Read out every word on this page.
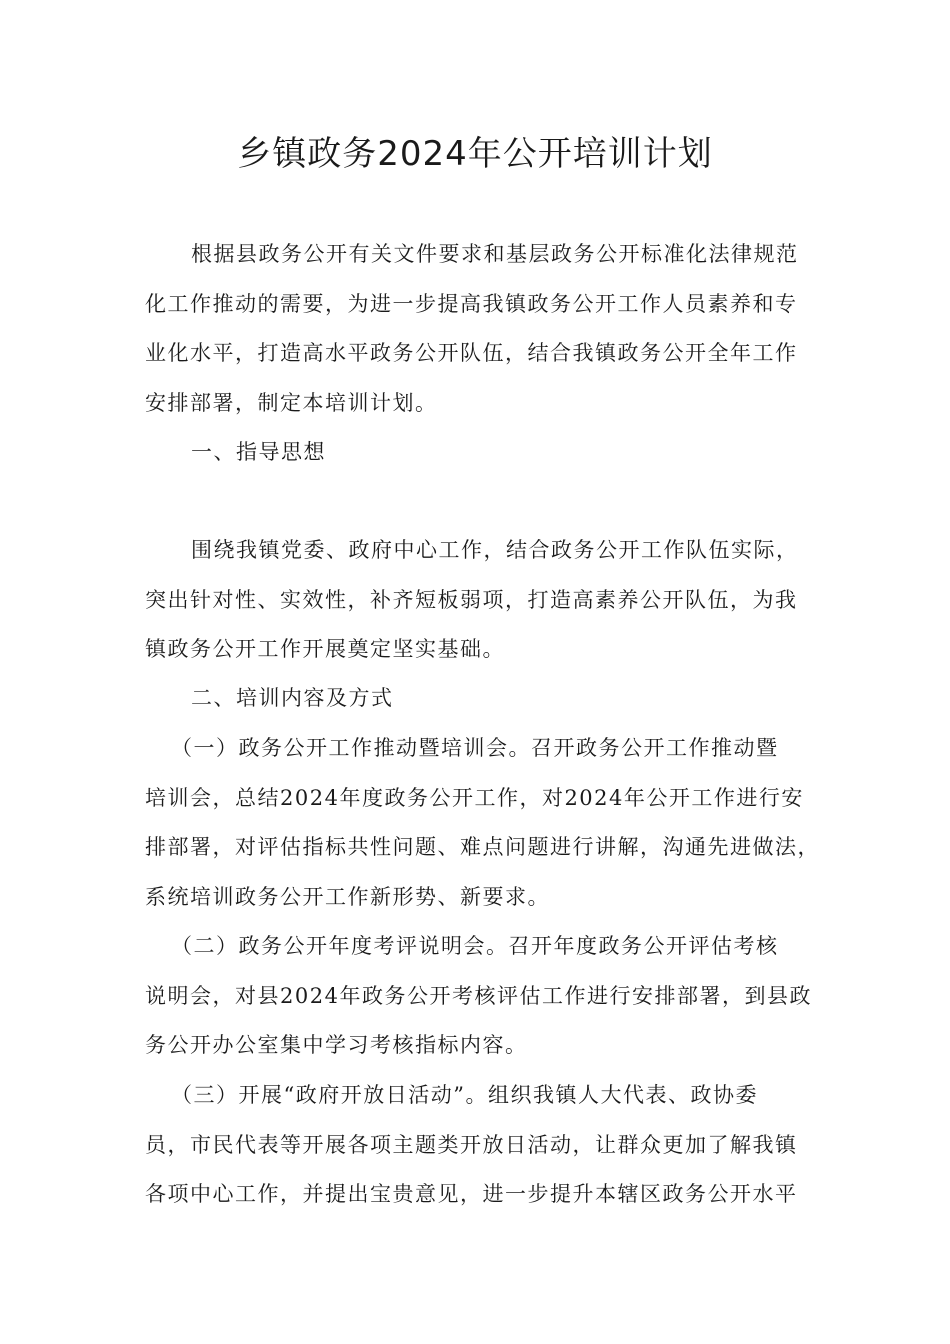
乡镇政务2024年公开培训计划

根据县政务公开有关文件要求和基层政务公开标准化法律规范
化工作推动的需要，为进一步提高我镇政务公开工作人员素养和专
业化水平，打造高水平政务公开队伍，结合我镇政务公开全年工作
安排部署，制定本培训计划。

一、指导思想

围绕我镇党委、政府中心工作，结合政务公开工作队伍实际，
突出针对性、实效性，补齐短板弱项，打造高素养公开队伍，为我
镇政务公开工作开展奠定坚实基础。

二、培训内容及方式

（一）政务公开工作推动暨培训会。召开政务公开工作推动暨
培训会，总结2024年度政务公开工作，对2024年公开工作进行安
排部署，对评估指标共性问题、难点问题进行讲解，沟通先进做法，
系统培训政务公开工作新形势、新要求。

（二）政务公开年度考评说明会。召开年度政务公开评估考核
说明会，对县2024年政务公开考核评估工作进行安排部署，到县政
务公开办公室集中学习考核指标内容。

（三）开展“政府开放日活动”。组织我镇人大代表、政协委
员，市民代表等开展各项主题类开放日活动，让群众更加了解我镇
各项中心工作，并提出宝贵意见，进一步提升本辖区政务公开水平
